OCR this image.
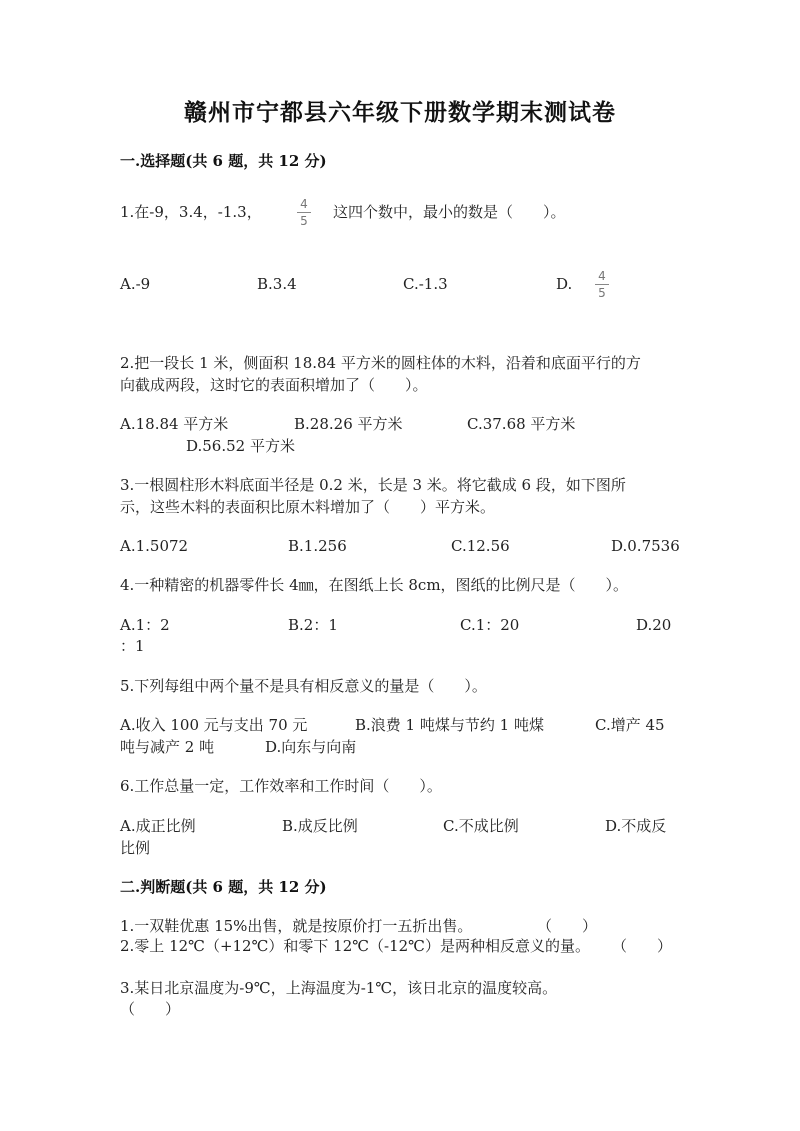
赣州市宁都县六年级下册数学期末测试卷
一.选择题(共 6 题，共 12 分)
1.在-9，3.4，-1.3，	$\frac{4}{5}$ 这四个数中，最小的数是（　　）。
A.-9	B.3.4	C.-1.3	D. $\frac{4}{5}$
2.把一段长 1 米，侧面积 18.84 平方米的圆柱体的木料，沿着和底面平行的方
向截成两段，这时它的表面积增加了（　　）。
A.18.84 平方米	B.28.26 平方米	C.37.68 平方米
D.56.52 平方米
3.一根圆柱形木料底面半径是 0.2 米，长是 3 米。将它截成 6 段，如下图所
示，这些木料的表面积比原木料增加了（　　）平方米。
A.1.5072	B.1.256	C.12.56	D.0.7536
4.一种精密的机器零件长 4㎜，在图纸上长 8cm，图纸的比例尺是（　　）。
A.1：2	B.2：1	C.1：20	D.20
：1
5.下列每组中两个量不是具有相反意义的量是（　　）。
A.收入 100 元与支出 70 元	B.浪费 1 吨煤与节约 1 吨煤	C.增产 45
吨与减产 2 吨	D.向东与向南
6.工作总量一定，工作效率和工作时间（　　）。
A.成正比例	B.成反比例	C.不成比例	D.不成反
比例
二.判断题(共 6 题，共 12 分)
1.一双鞋优惠 15%出售，就是按原价打一五折出售。	（　　）
2.零上 12℃（+12℃）和零下 12℃（-12℃）是两种相反意义的量。 （　　）
3.某日北京温度为-9℃，上海温度为-1℃，该日北京的温度较高。
（　　）
